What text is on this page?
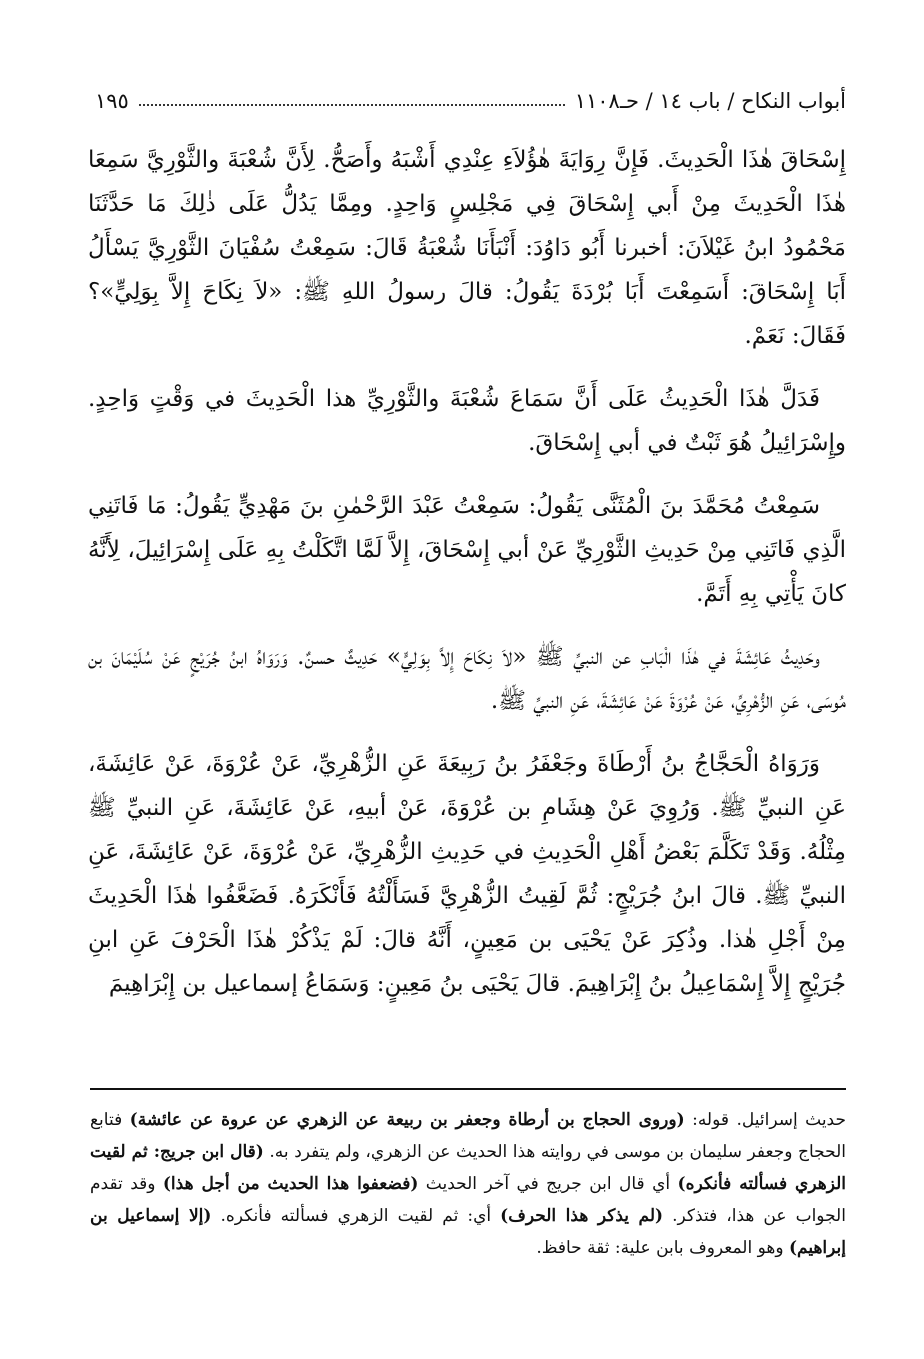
أبواب النكاح / باب ١٤ / حـ١١٠٨
١٩٥

إِسْحَاقَ هٰذَا الْحَدِيثَ. فَإِنَّ رِوَايَةَ هٰؤُلاَءِ عِنْدِي أَشْبَهُ وأَصَحُّ. لِأَنَّ شُعْبَةَ والثَّوْرِيَّ سَمِعَا هٰذَا الْحَدِيثَ مِنْ أَبي إِسْحَاقَ فِي مَجْلِسٍ وَاحِدٍ. ومِمَّا يَدُلُّ عَلَى ذٰلِكَ مَا حَدَّثَنَا مَحْمُودُ ابنُ غَيْلاَنَ: أخبرنا أَبُو دَاوُدَ: أَنْبَأَنَا شُعْبَةُ قَالَ: سَمِعْتُ سُفْيَانَ الثَّوْرِيَّ يَسْأَلُ أَبَا إِسْحَاقَ: أَسَمِعْتَ أَبَا بُرْدَةَ يَقُولُ: قالَ رسولُ اللهِ ﷺ: «لاَ نِكَاحَ إِلاَّ بِوَلِيٍّ»؟ فَقَالَ: نَعَمْ.

فَدَلَّ هٰذَا الْحَدِيثُ عَلَى أَنَّ سَمَاعَ شُعْبَةَ والثَّوْرِيِّ هذا الْحَدِيثَ في وَقْتٍ وَاحِدٍ. وإِسْرَائِيلُ هُوَ ثَبْتٌ في أبي إِسْحَاقَ.

سَمِعْتُ مُحَمَّدَ بنَ الْمُثَنَّى يَقُولُ: سَمِعْتُ عَبْدَ الرَّحْمٰنِ بنَ مَهْدِيٍّ يَقُولُ: مَا فَاتَنِي الَّذِي فَاتَنِي مِنْ حَدِيثِ الثَّوْرِيِّ عَنْ أبي إِسْحَاقَ، إِلاَّ لَمَّا اتَّكَلْتُ بِهِ عَلَى إِسْرَائِيلَ، لِأَنَّهُ كانَ يَأْتِي بِهِ أَتَمَّ.

وحَدِيثُ عَائِشَةَ في هٰذَا الْبَابِ عن النبيِّ ﷺ «لاَ نِكَاحَ إِلاَّ بِوَلِيٍّ» حَدِيثٌ حسنٌ. وَرَوَاهُ ابنُ جُرَيْجٍ عَنْ سُلَيْمَانَ بن مُوسَى، عَنِ الزُّهْرِيِّ، عَنْ عُرْوَةَ عَنْ عَائِشَةَ، عَنِ النبيِّ ﷺ.

وَرَوَاهُ الْحَجَّاجُ بنُ أَرْطَاةَ وجَعْفَرُ بنُ رَبِيعَةَ عَنِ الزُّهْرِيِّ، عَنْ عُرْوَةَ، عَنْ عَائِشَةَ، عَنِ النبيِّ ﷺ. وَرُوِيَ عَنْ هِشَامِ بن عُرْوَةَ، عَنْ أبيهِ، عَنْ عَائِشَةَ، عَنِ النبيِّ ﷺ مِثْلُهُ. وَقَدْ تَكَلَّمَ بَعْضُ أَهْلِ الْحَدِيثِ في حَدِيثِ الزُّهْرِيِّ، عَنْ عُرْوَةَ، عَنْ عَائِشَةَ، عَنِ النبيِّ ﷺ. قالَ ابنُ جُرَيْجٍ: ثُمَّ لَقِيتُ الزُّهْرِيَّ فَسَأَلْتُهُ فَأَنْكَرَهُ. فَضَعَّفُوا هٰذَا الْحَدِيثَ مِنْ أَجْلِ هٰذا. وذُكِرَ عَنْ يَحْيَى بن مَعِينٍ، أَنَّهُ قالَ: لَمْ يَذْكُرْ هٰذَا الْحَرْفَ عَنِ ابنِ جُرَيْجٍ إِلاَّ إِسْمَاعِيلُ بنُ إِبْرَاهِيمَ. قالَ يَحْيَى بنُ مَعِينٍ: وَسَمَاعُ إسماعيل بن إِبْرَاهِيمَ

حديث إسرائيل. قوله: (وروى الحجاج بن أرطاة وجعفر بن ربيعة عن الزهري عن عروة عن عائشة) فتابع الحجاج وجعفر سليمان بن موسى في روايته هذا الحديث عن الزهري، ولم يتفرد به. (قال ابن جريج: ثم لقيت الزهري فسألته فأنكره) أي قال ابن جريج في آخر الحديث (فضعفوا هذا الحديث من أجل هذا) وقد تقدم الجواب عن هذا، فتذكر. (لم يذكر هذا الحرف) أي: ثم لقيت الزهري فسألته فأنكره. (إلا إسماعيل بن إبراهيم) وهو المعروف بابن علية: ثقة حافظ.
